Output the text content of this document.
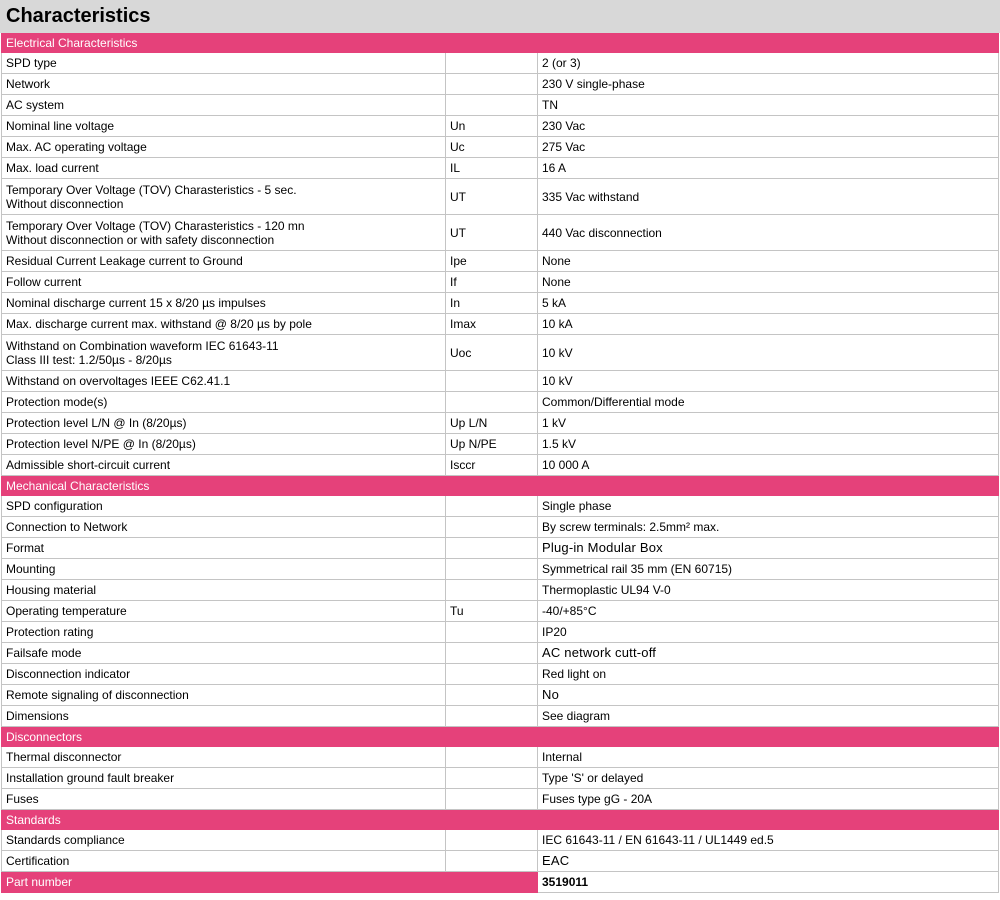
Characteristics
Electrical Characteristics		
SPD type		2 (or 3)
Network		230 V single-phase
AC system		TN
Nominal line voltage	Un	230 Vac
Max. AC operating voltage	Uc	275 Vac
Max. load current	IL	16 A

Temporary Over Voltage (TOV) Charasteristics - 5 sec.
Without disconnection	UT	335 Vac withstand

Temporary Over Voltage (TOV) Charasteristics - 120 mn
Without disconnection or with safety disconnection	UT	440 Vac disconnection
Residual Current Leakage current to Ground	Ipe	None
Follow current	If	None
Nominal discharge current 15 x 8/20 µs impulses	In	5 kA
Max. discharge current max. withstand @ 8/20 µs by pole	Imax	10 kA

Withstand on Combination waveform IEC 61643-11
Class III test: 1.2/50µs - 8/20µs	Uoc	10 kV
Withstand on overvoltages IEEE C62.41.1		10 kV
Protection mode(s)		Common/Differential mode
Protection level L/N @ In (8/20µs)	Up L/N	1 kV
Protection level N/PE @ In (8/20µs)	Up N/PE	1.5 kV
Admissible short-circuit current	Isccr	10 000 A
Mechanical Characteristics		
SPD configuration		Single phase
Connection to Network		By screw terminals: 2.5mm² max.
Format		Plug-in Modular Box
Mounting		Symmetrical rail 35 mm (EN 60715)
Housing material		Thermoplastic UL94 V-0
Operating temperature	Tu	-40/+85°C
Protection rating		IP20
Failsafe mode		AC network cutt-off
Disconnection indicator		Red light on
Remote signaling of disconnection		No
Dimensions		See diagram
Disconnectors		
Thermal disconnector		Internal
Installation ground fault breaker		Type 'S' or delayed
Fuses		Fuses type gG - 20A
Standards		
Standards compliance		IEC 61643-11 / EN 61643-11 / UL1449 ed.5
Certification		EAC
Part number		3519011
